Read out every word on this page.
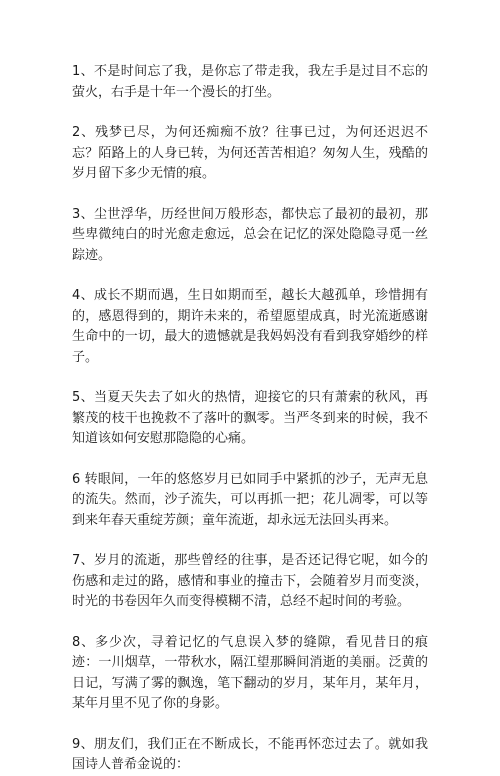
1、不是时间忘了我，是你忘了带走我，我左手是过目不忘的萤火，右手是十年一个漫长的打坐。

2、残梦已尽，为何还痴痴不放？往事已过，为何还迟迟不忘？陌路上的人身已转，为何还苦苦相追？匆匆人生，残酷的岁月留下多少无情的痕。

3、尘世浮华，历经世间万般形态，都快忘了最初的最初，那些卑微纯白的时光愈走愈远，总会在记忆的深处隐隐寻觅一丝踪迹。

4、成长不期而遇，生日如期而至，越长大越孤单，珍惜拥有的，感恩得到的，期许未来的，希望愿望成真，时光流逝感谢生命中的一切，最大的遗憾就是我妈妈没有看到我穿婚纱的样子。

5、当夏天失去了如火的热情，迎接它的只有萧索的秋风，再繁茂的枝干也挽救不了落叶的飘零。当严冬到来的时候，我不知道该如何安慰那隐隐的心痛。

6 转眼间，一年的悠悠岁月已如同手中紧抓的沙子，无声无息的流失。然而，沙子流失，可以再抓一把；花儿凋零，可以等到来年春天重绽芳颜；童年流逝，却永远无法回头再来。

7、岁月的流逝，那些曾经的往事，是否还记得它呢，如今的伤感和走过的路，感情和事业的撞击下，会随着岁月而变淡，时光的书卷因年久而变得模糊不清，总经不起时间的考验。

8、多少次，寻着记忆的气息误入梦的缝隙，看见昔日的痕迹：一川烟草，一带秋水，隔江望那瞬间消逝的美丽。泛黄的日记，写满了雾的飘逸，笔下翻动的岁月，某年月，某年月，某年月里不见了你的身影。

9、朋友们，我们正在不断成长，不能再怀恋过去了。就如我国诗人普希金说的：
